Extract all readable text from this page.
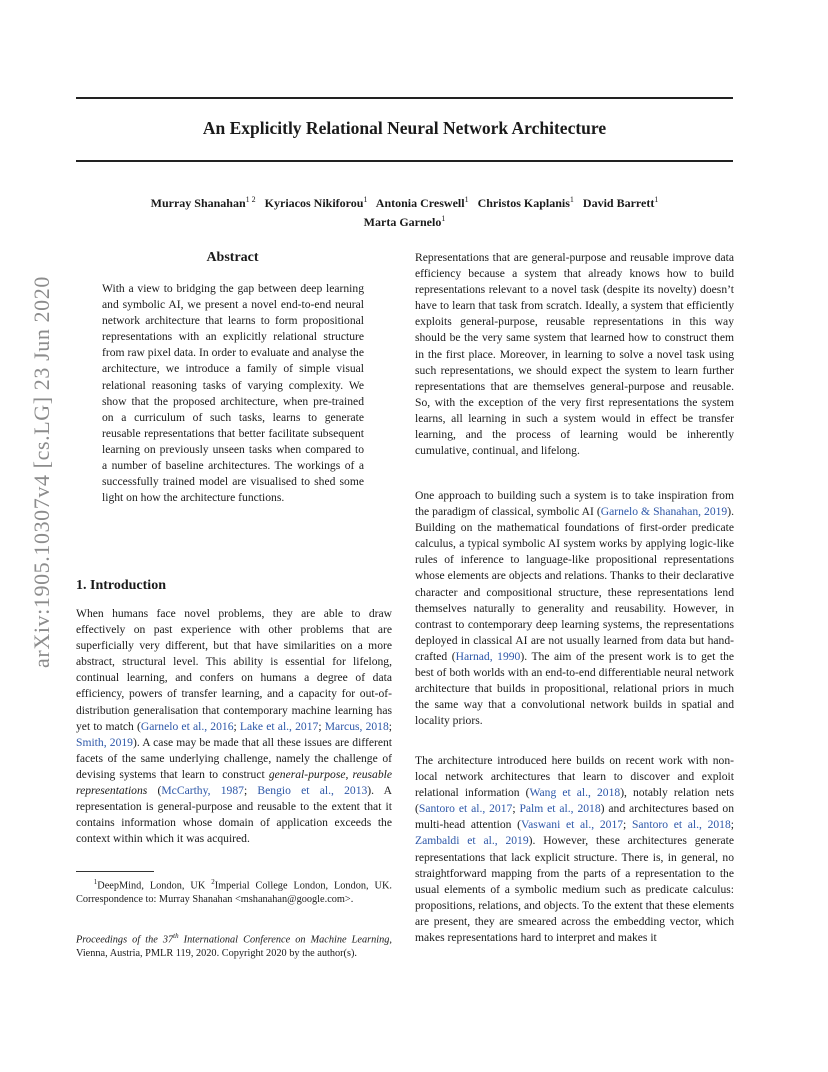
arXiv:1905.10307v4 [cs.LG] 23 Jun 2020
An Explicitly Relational Neural Network Architecture
Murray Shanahan$^{1 2}$ Kyriacos Nikiforou$^1$ Antonia Creswell$^1$ Christos Kaplanis$^1$ David Barrett$^1$
Marta Garnelo$^1$
Abstract

With a view to bridging the gap between deep learning and symbolic AI, we present a novel end-to-end neural network architecture that learns to form propositional representations with an explicitly relational structure from raw pixel data. In order to evaluate and analyse the architecture, we introduce a family of simple visual relational reasoning tasks of varying complexity. We show that the proposed architecture, when pre-trained on a curriculum of such tasks, learns to generate reusable representations that better facilitate subsequent learning on previously unseen tasks when compared to a number of baseline architectures. The workings of a successfully trained model are visualised to shed some light on how the architecture functions.

1. Introduction

When humans face novel problems, they are able to draw effectively on past experience with other problems that are superficially very different, but that have similarities on a more abstract, structural level. This ability is essential for lifelong, continual learning, and confers on humans a degree of data efficiency, powers of transfer learning, and a capacity for out-of-distribution generalisation that contemporary machine learning has yet to match (Garnelo et al., 2016; Lake et al., 2017; Marcus, 2018; Smith, 2019). A case may be made that all these issues are different facets of the same underlying challenge, namely the challenge of devising systems that learn to construct general-purpose, reusable representations (McCarthy, 1987; Bengio et al., 2013). A representation is general-purpose and reusable to the extent that it contains information whose domain of application exceeds the context within which it was acquired.

$^1$DeepMind, London, UK $^2$Imperial College London, London, UK. Correspondence to: Murray Shanahan <mshanahan@google.com>.

Proceedings of the 37th International Conference on Machine Learning, Vienna, Austria, PMLR 119, 2020. Copyright 2020 by the author(s).

Representations that are general-purpose and reusable improve data efficiency because a system that already knows how to build representations relevant to a novel task (despite its novelty) doesn’t have to learn that task from scratch. Ideally, a system that efficiently exploits general-purpose, reusable representations in this way should be the very same system that learned how to construct them in the first place. Moreover, in learning to solve a novel task using such representations, we should expect the system to learn further representations that are themselves general-purpose and reusable. So, with the exception of the very first representations the system learns, all learning in such a system would in effect be transfer learning, and the process of learning would be inherently cumulative, continual, and lifelong.

One approach to building such a system is to take inspiration from the paradigm of classical, symbolic AI (Garnelo & Shanahan, 2019). Building on the mathematical foundations of first-order predicate calculus, a typical symbolic AI system works by applying logic-like rules of inference to language-like propositional representations whose elements are objects and relations. Thanks to their declarative character and compositional structure, these representations lend themselves naturally to generality and reusability. However, in contrast to contemporary deep learning systems, the representations deployed in classical AI are not usually learned from data but hand-crafted (Harnad, 1990). The aim of the present work is to get the best of both worlds with an end-to-end differentiable neural network architecture that builds in propositional, relational priors in much the same way that a convolutional network builds in spatial and locality priors.

The architecture introduced here builds on recent work with non-local network architectures that learn to discover and exploit relational information (Wang et al., 2018), notably relation nets (Santoro et al., 2017; Palm et al., 2018) and architectures based on multi-head attention (Vaswani et al., 2017; Santoro et al., 2018; Zambaldi et al., 2019). However, these architectures generate representations that lack explicit structure. There is, in general, no straightforward mapping from the parts of a representation to the usual elements of a symbolic medium such as predicate calculus: propositions, relations, and objects. To the extent that these elements are present, they are smeared across the embedding vector, which makes representations hard to interpret and makes it
